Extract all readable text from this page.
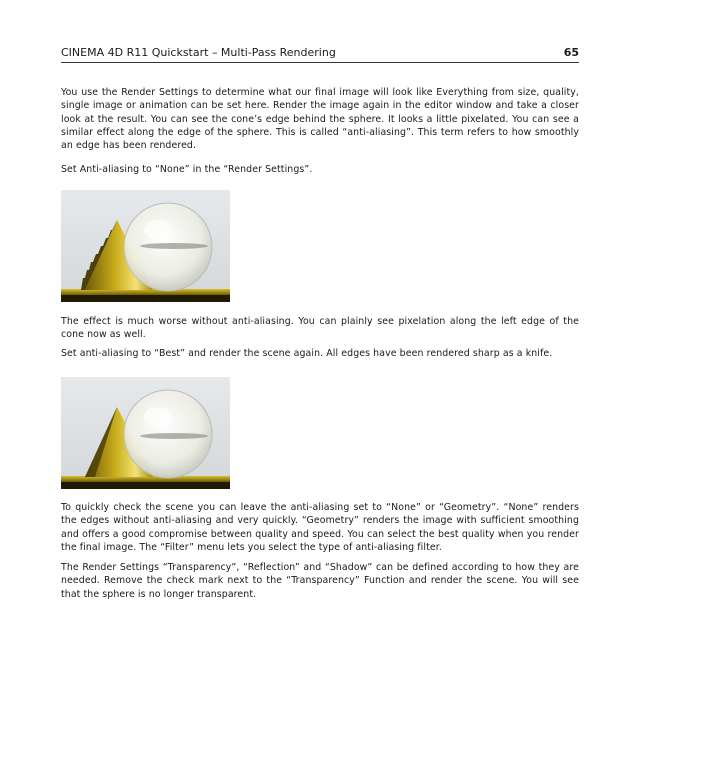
CINEMA 4D R11 Quickstart – Multi-Pass Rendering	65

You use the Render Settings to determine what our final image will look like Everything from size, quality, single image or animation can be set here. Render the image again in the editor window and take a closer look at the result. You can see the cone’s edge behind the sphere. It looks a little pixelated. You can see a similar effect along the edge of the sphere. This is called “anti-aliasing”. This term refers to how smoothly an edge has been rendered.

Set Anti-aliasing to “None” in the “Render Settings”.

The effect is much worse without anti-aliasing. You can plainly see pixelation along the left edge of the cone now as well.

Set anti-aliasing to “Best” and render the scene again. All edges have been rendered sharp as a knife.

To quickly check the scene you can leave the anti-aliasing set to “None” or “Geometry”. “None” renders the edges without anti-aliasing and very quickly. “Geometry” renders the image with sufficient smoothing and offers a good compromise between quality and speed. You can select the best quality when you render the final image. The “Filter” menu lets you select the type of anti-aliasing filter.

The Render Settings “Transparency”, “Reflection” and “Shadow” can be defined according to how they are needed. Remove the check mark next to the “Transparency” Function and render the scene. You will see that the sphere is no longer transparent.
